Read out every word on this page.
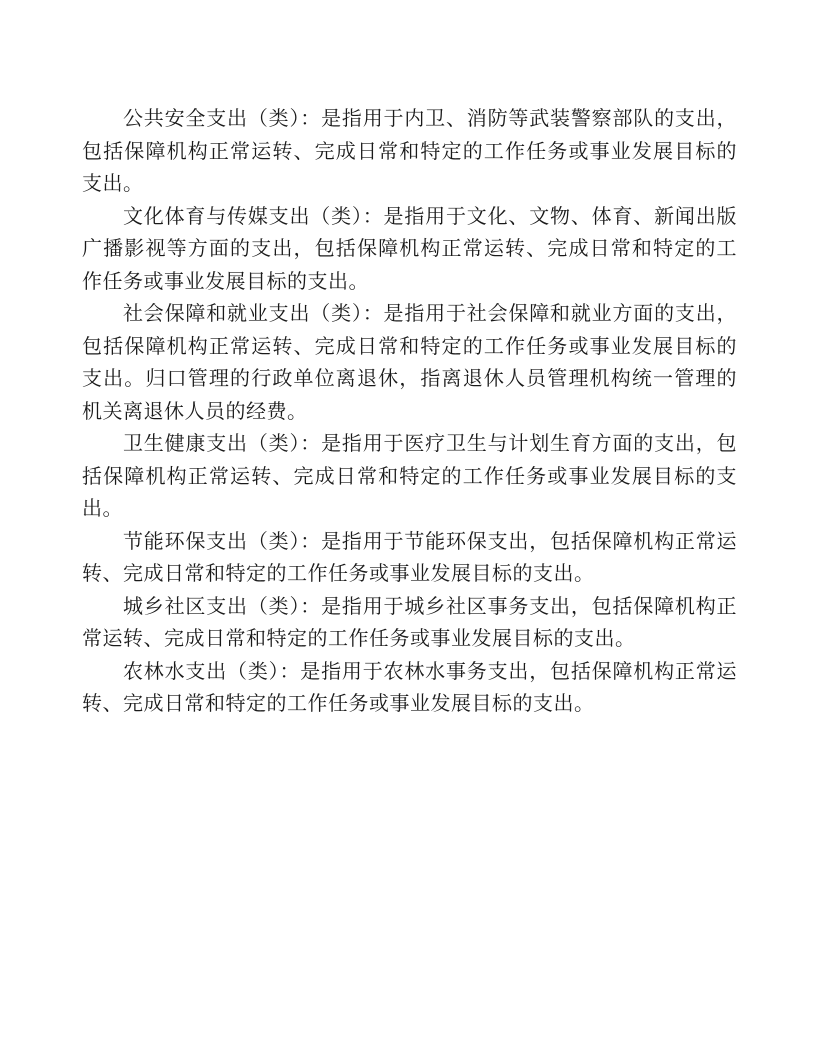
公共安全支出（类）：是指用于内卫、消防等武装警察部队的支出，包括保障机构正常运转、完成日常和特定的工作任务或事业发展目标的支出。

文化体育与传媒支出（类）：是指用于文化、文物、体育、新闻出版广播影视等方面的支出，包括保障机构正常运转、完成日常和特定的工作任务或事业发展目标的支出。

社会保障和就业支出（类）：是指用于社会保障和就业方面的支出，包括保障机构正常运转、完成日常和特定的工作任务或事业发展目标的支出。归口管理的行政单位离退休，指离退休人员管理机构统一管理的机关离退休人员的经费。

卫生健康支出（类）：是指用于医疗卫生与计划生育方面的支出，包括保障机构正常运转、完成日常和特定的工作任务或事业发展目标的支出。

节能环保支出（类）：是指用于节能环保支出，包括保障机构正常运转、完成日常和特定的工作任务或事业发展目标的支出。

城乡社区支出（类）：是指用于城乡社区事务支出，包括保障机构正常运转、完成日常和特定的工作任务或事业发展目标的支出。

农林水支出（类）：是指用于农林水事务支出，包括保障机构正常运转、完成日常和特定的工作任务或事业发展目标的支出。
